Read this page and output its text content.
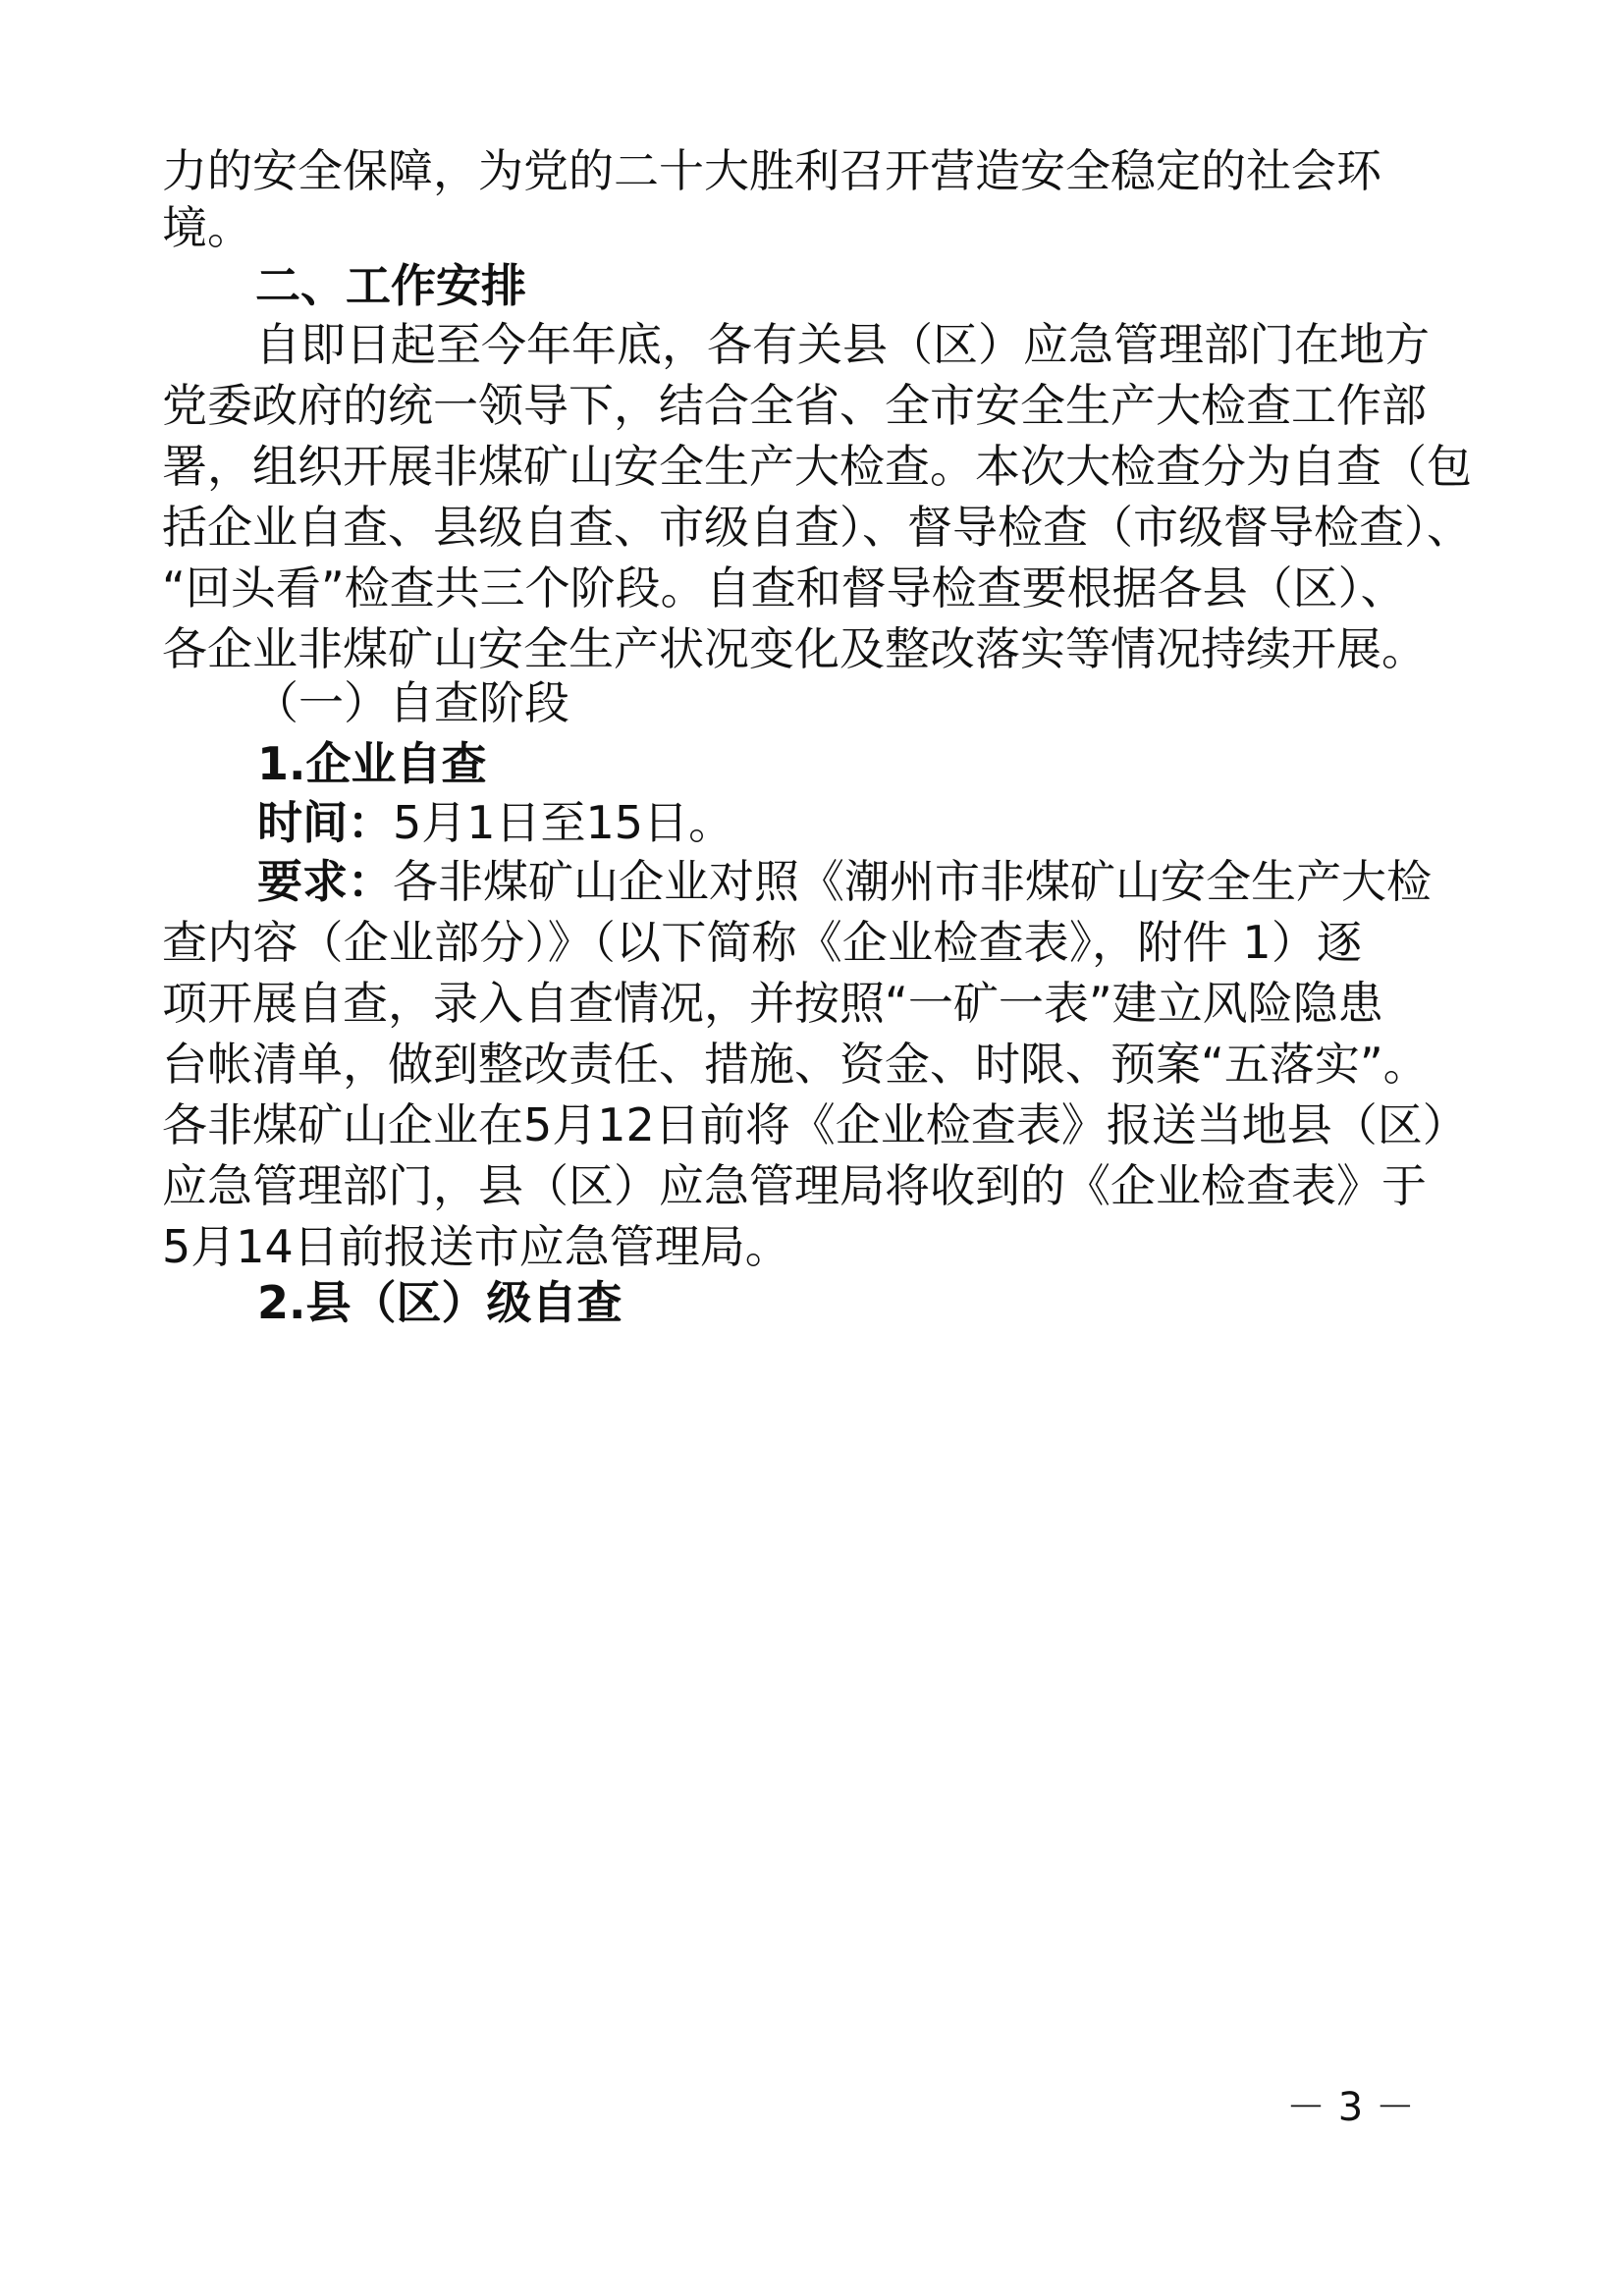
力的安全保障，为党的二十大胜利召开营造安全稳定的社会环
境。
二、工作安排
自即日起至今年年底，各有关县（区）应急管理部门在地方
党委政府的统一领导下，结合全省、全市安全生产大检查工作部
署，组织开展非煤矿山安全生产大检查。本次大检查分为自查（包
括企业自查、县级自查、市级自查）、督导检查（市级督导检查）、
“回头看”检查共三个阶段。自查和督导检查要根据各县（区）、
各企业非煤矿山安全生产状况变化及整改落实等情况持续开展。
（一）自查阶段
1.企业自查
时间：5月1日至15日。
要求：各非煤矿山企业对照《潮州市非煤矿山安全生产大检
查内容（企业部分）》（以下简称《企业检查表》，附件 1）逐
项开展自查，录入自查情况，并按照“一矿一表”建立风险隐患
台帐清单，做到整改责任、措施、资金、时限、预案“五落实”。
各非煤矿山企业在5月12日前将《企业检查表》报送当地县（区）
应急管理部门，县（区）应急管理局将收到的《企业检查表》于
5月14日前报送市应急管理局。
2.县（区）级自查
－ 3 －
